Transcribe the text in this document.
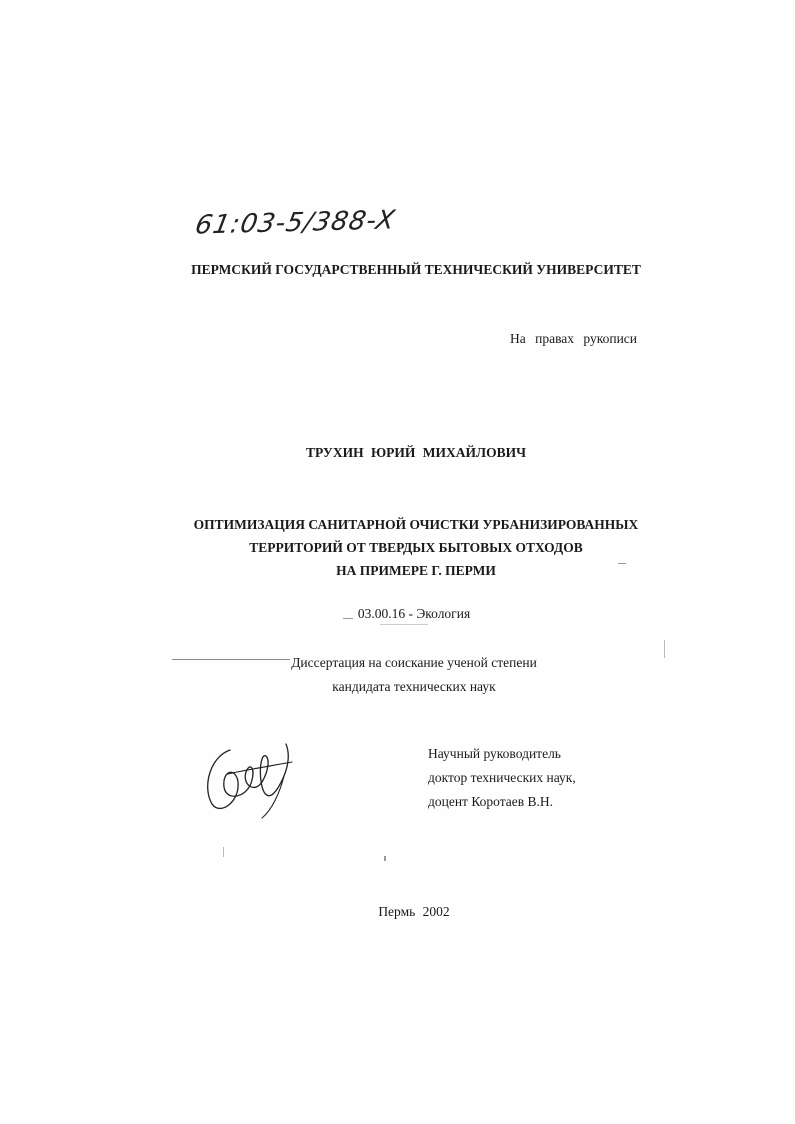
61:03-5/388-X
ПЕРМСКИЙ ГОСУДАРСТВЕННЫЙ ТЕХНИЧЕСКИЙ УНИВЕРСИТЕТ
На правах рукописи
ТРУХИН ЮРИЙ МИХАЙЛОВИЧ
ОПТИМИЗАЦИЯ САНИТАРНОЙ ОЧИСТКИ УРБАНИЗИРОВАННЫХ
ТЕРРИТОРИЙ ОТ ТВЕРДЫХ БЫТОВЫХ ОТХОДОВ
НА ПРИМЕРЕ Г. ПЕРМИ
03.00.16 - Экология
Диссертация на соискание ученой степени
кандидата технических наук
Научный руководитель
доктор технических наук,
доцент Коротаев В.Н.
Пермь 2002
